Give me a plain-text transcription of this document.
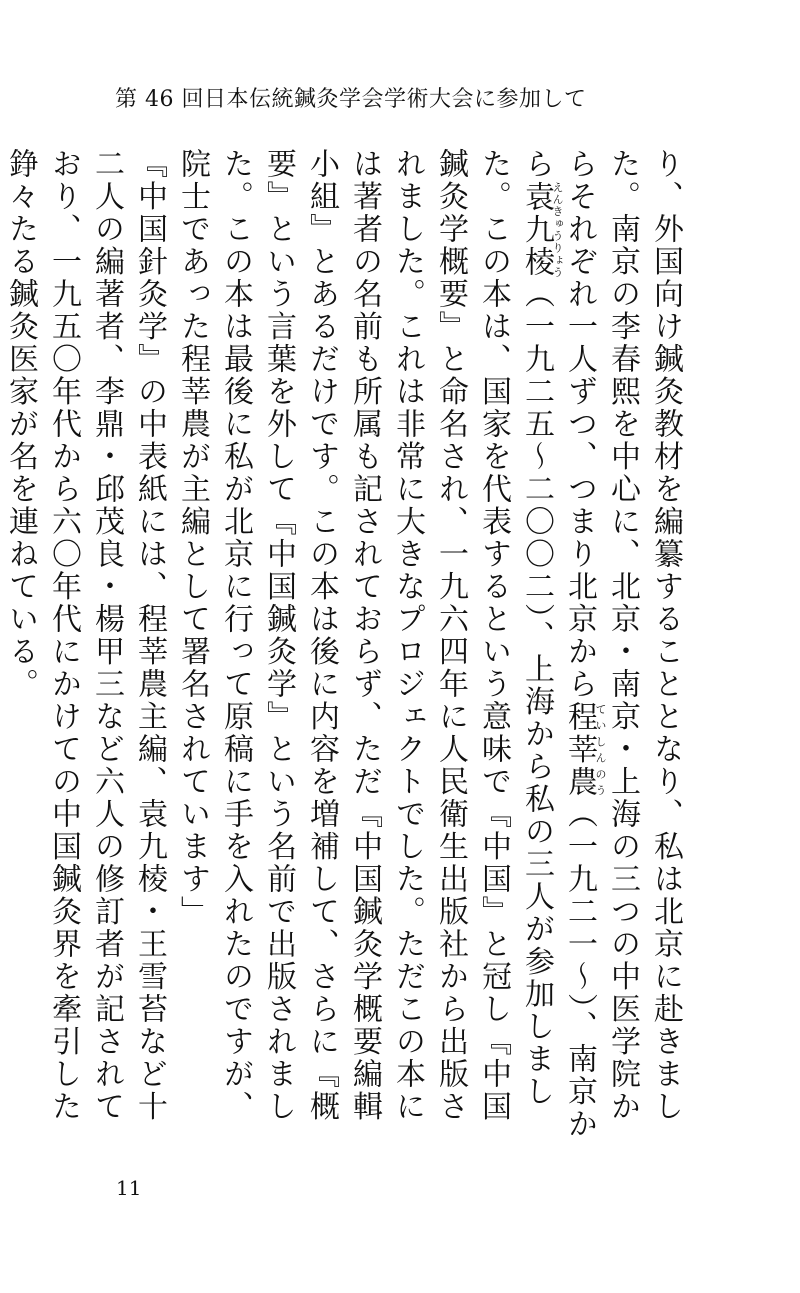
第 46 回日本伝統鍼灸学会学術大会に参加して

り、外国向け鍼灸教材を編纂することとなり、私は北京に赴きました。南京の李春熙を中心に、北京・南京・上海の三つの中医学院からそれぞれ一人ずつ、つまり北京から程莘農ていしんのう（一九二一〜）、南京から袁九棱えんきゅうりょう（一九二五〜二〇〇二）、上海から私の三人が参加しました。この本は、国家を代表するという意味で『中国』と冠し『中国鍼灸学概要』と命名され、一九六四年に人民衛生出版社から出版されました。これは非常に大きなプロジェクトでした。ただこの本には著者の名前も所属も記されておらず、ただ『中国鍼灸学概要編輯小組』とあるだけです。この本は後に内容を増補して、さらに『概要』という言葉を外して『中国鍼灸学』という名前で出版されました。この本は最後に私が北京に行って原稿に手を入れたのですが、院士であった程莘農が主編として署名されています」

『中国針灸学』の中表紙には、程莘農主編、袁九棱・王雪苔など十二人の編著者、李鼎・邱茂良・楊甲三など六人の修訂者が記されており、一九五〇年代から六〇年代にかけての中国鍼灸界を牽引した錚々たる鍼灸医家が名を連ねている。

11
